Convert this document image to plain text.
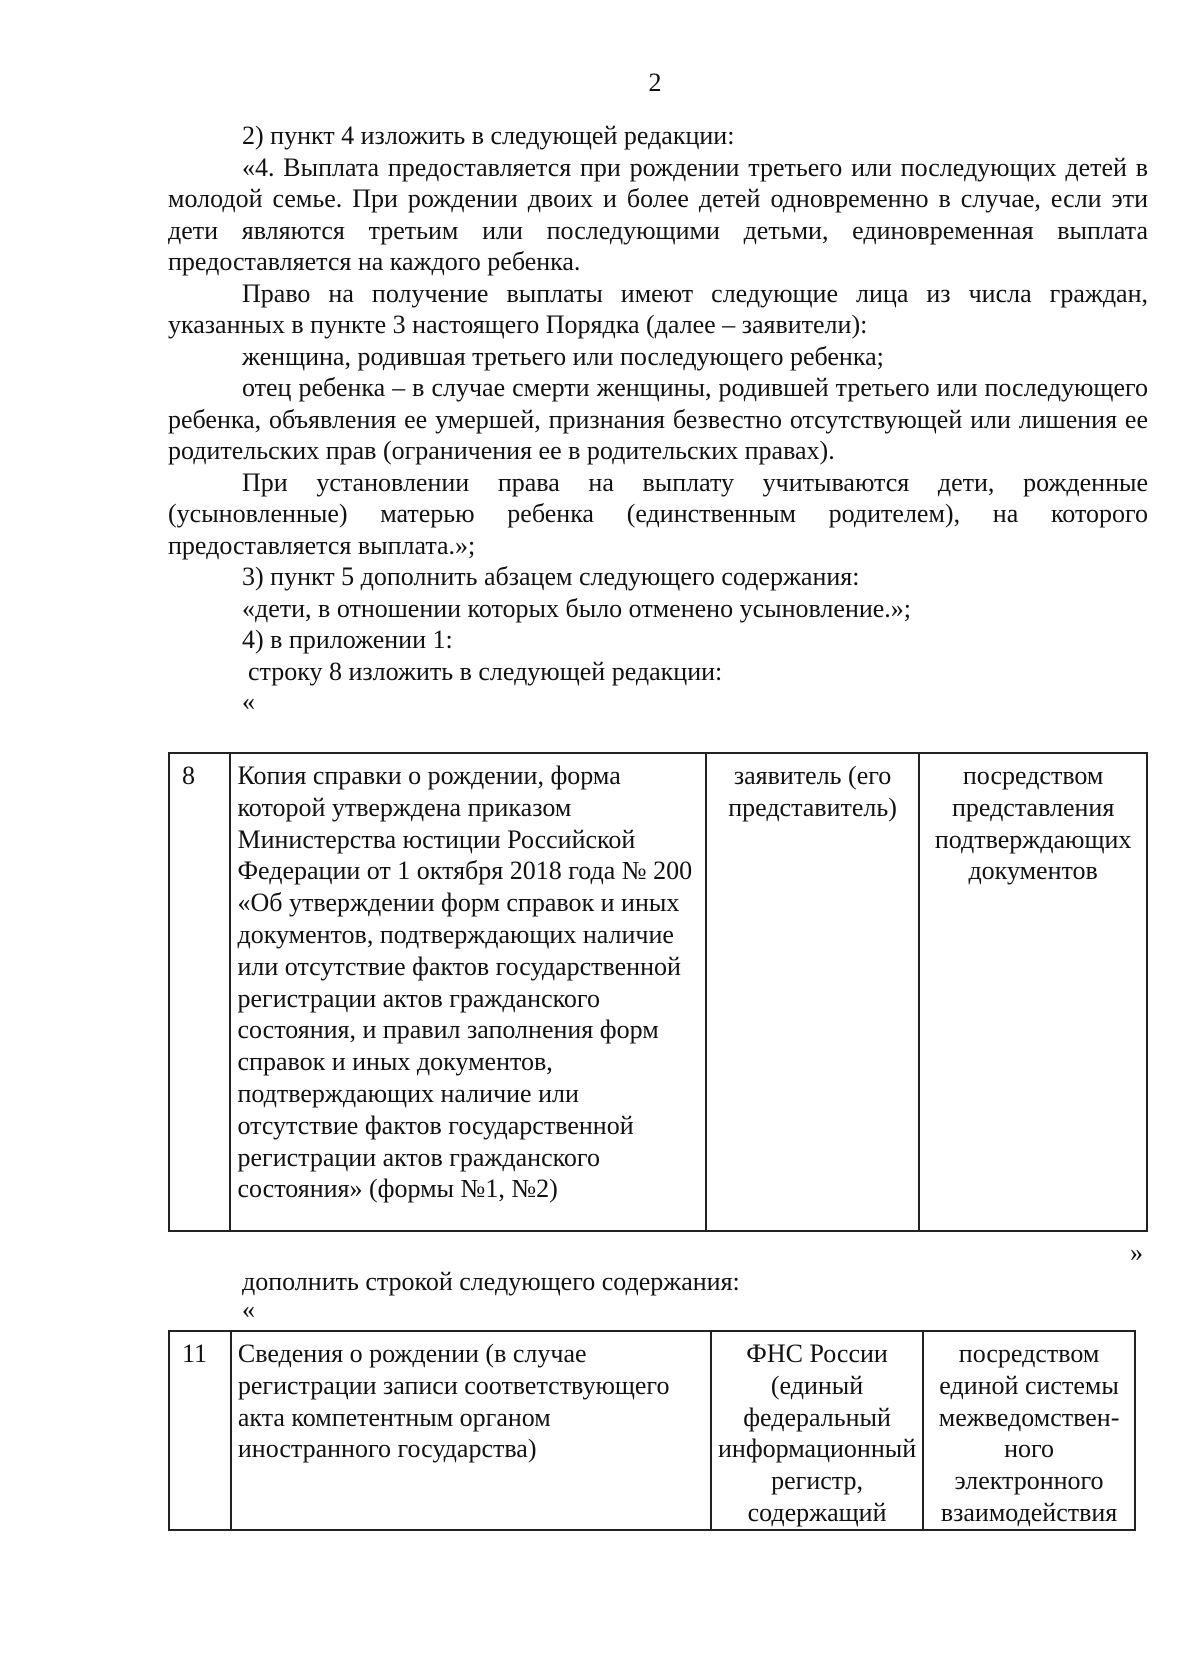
2

2) пункт 4 изложить в следующей редакции:

«4. Выплата предоставляется при рождении третьего или последующих детей в молодой семье. При рождении двоих и более детей одновременно в случае, если эти дети являются третьим или последующими детьми, единовременная выплата предоставляется на каждого ребенка.

Право на получение выплаты имеют следующие лица из числа граждан, указанных в пункте 3 настоящего Порядка (далее – заявители):

женщина, родившая третьего или последующего ребенка;

отец ребенка – в случае смерти женщины, родившей третьего или последующего ребенка, объявления ее умершей, признания безвестно отсутствующей или лишения ее родительских прав (ограничения ее в родительских правах).

При установлении права на выплату учитываются дети, рожденные (усыновленные) матерью ребенка (единственным родителем), на которого предоставляется выплата.»;

3) пункт 5 дополнить абзацем следующего содержания:

«дети, в отношении которых было отменено усыновление.»;

4) в приложении 1:

строку 8 изложить в следующей редакции:

«

8	Копия справки о рождении, форма которой утверждена приказом Министерства юстиции Российской Федерации от 1 октября 2018 года № 200 «Об утверждении форм справок и иных документов, подтверждающих наличие или отсутствие фактов государственной регистрации актов гражданского состояния, и правил заполнения форм справок и иных документов, подтверждающих наличие или отсутствие фактов государственной регистрации актов гражданского состояния» (формы №1, №2)	заявитель (его представитель)	посредством представления подтверждающих документов
»
дополнить строкой следующего содержания:
«
11	Сведения о рождении (в случае регистрации записи соответствующего акта компетентным органом иностранного государства)	ФНС России (единый федеральный информационный регистр, содержащий	посредством единой системы межведомствен-ного электронного взаимодействия
